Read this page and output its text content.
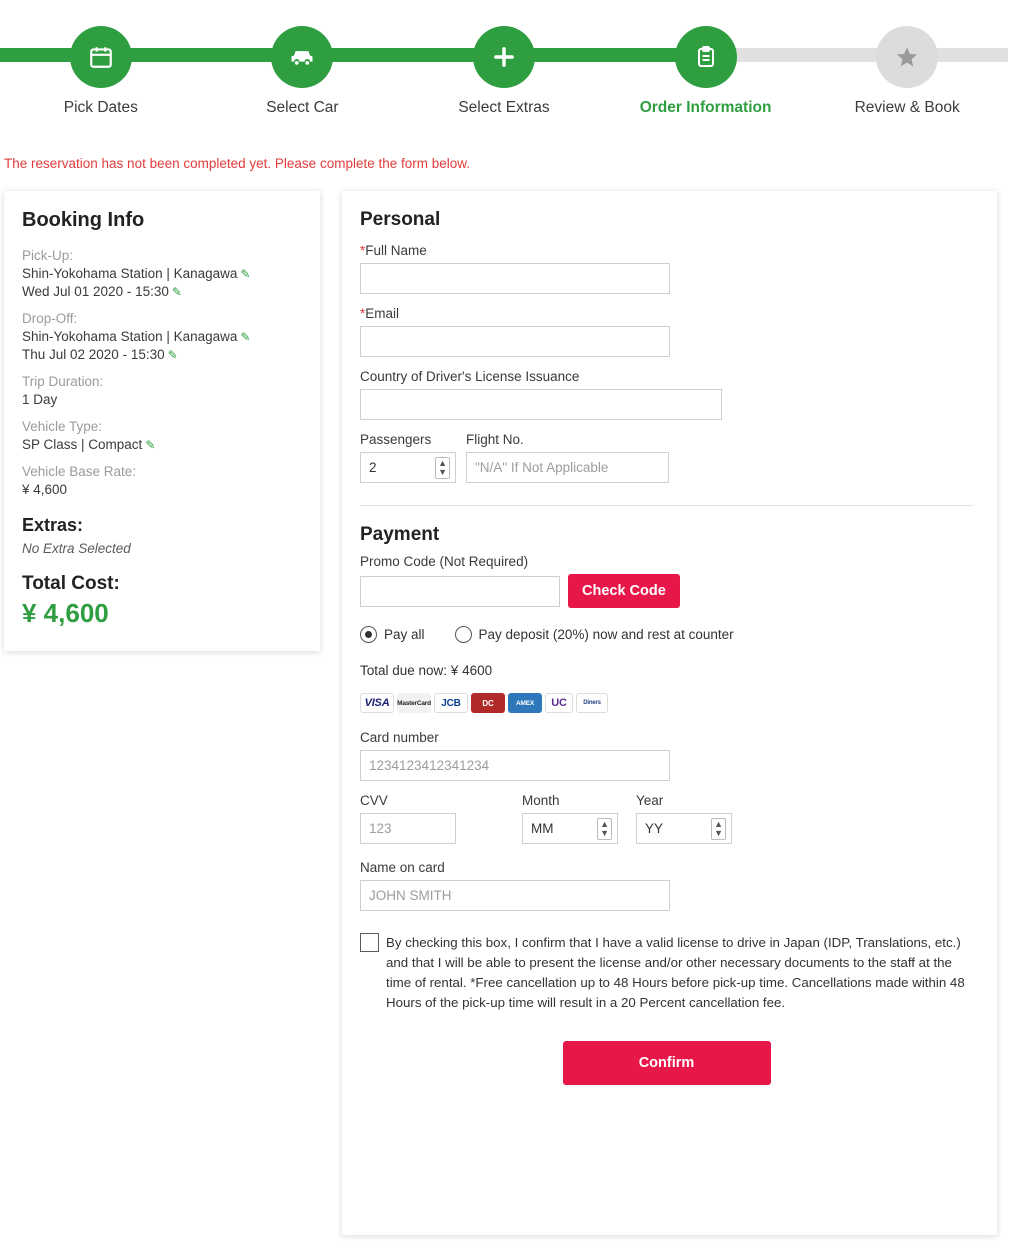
Pick Dates	Select Car	Select Extras	Order Information	Review & Book
The reservation has not been completed yet. Please complete the form below.
Booking Info
Pick-Up:
Shin-Yokohama Station | Kanagawa ✎
Wed Jul 01 2020 - 15:30 ✎
Drop-Off:
Shin-Yokohama Station | Kanagawa ✎
Thu Jul 02 2020 - 15:30 ✎
Trip Duration:
1 Day
Vehicle Type:
SP Class | Compact ✎
Vehicle Base Rate:
¥ 4,600
Extras:
No Extra Selected
Total Cost:
¥ 4,600
Personal
*Full Name
*Email
Country of Driver's License Issuance
Passengers
2
▲
▼
Flight No.
"N/A" If Not Applicable
Payment
Promo Code (Not Required)
Check Code
Pay all	Pay deposit (20%) now and rest at counter
Total due now: ¥ 4600
VISA	MasterCard	JCB	DC	AMEX	UC	Diners
Card number
1234123412341234
CVV
123	Month
MM
▲
▼
Year
YY
▲
▼
Name on card
JOHN SMITH
By checking this box, I confirm that I have a valid license to drive in Japan (IDP, Translations, etc.) and that I will be able to present the license and/or other necessary documents to the staff at the time of rental. *Free cancellation up to 48 Hours before pick-up time. Cancellations made within 48 Hours of the pick-up time will result in a 20 Percent cancellation fee.
Confirm
